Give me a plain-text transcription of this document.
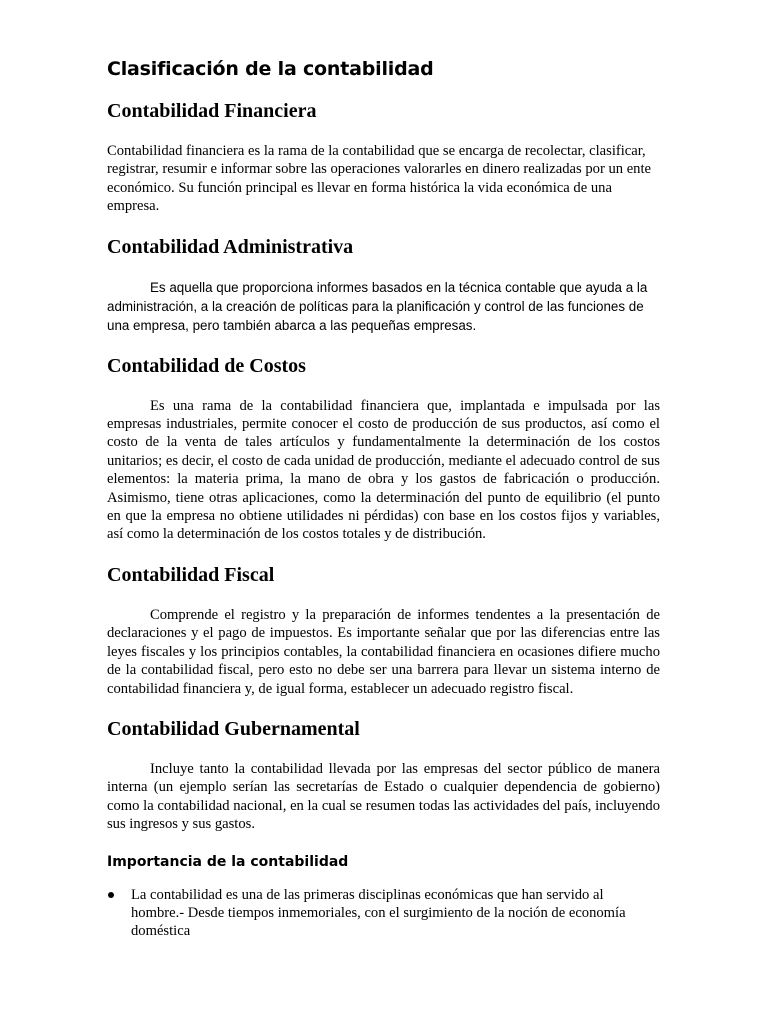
Clasificación de la contabilidad
Contabilidad Financiera

Contabilidad financiera es la rama de la contabilidad que se encarga de recolectar, clasificar, registrar, resumir e informar sobre las operaciones valorarles en dinero realizadas por un ente económico. Su función principal es llevar en forma histórica la vida económica de una empresa.

Contabilidad Administrativa

Es aquella que proporciona informes basados en la técnica contable que ayuda a la administración, a la creación de políticas para la planificación y control de las funciones de una empresa, pero también abarca a las pequeñas empresas.

Contabilidad de Costos

Es una rama de la contabilidad financiera que, implantada e impulsada por las empresas industriales, permite conocer el costo de producción de sus productos, así como el costo de la venta de tales artículos y fundamentalmente la determinación de los costos unitarios; es decir, el costo de cada unidad de producción, mediante el adecuado control de sus elementos: la materia prima, la mano de obra y los gastos de fabricación o producción. Asimismo, tiene otras aplicaciones, como la determinación del punto de equilibrio (el punto en que la empresa no obtiene utilidades ni pérdidas) con base en los costos fijos y variables, así como la determinación de los costos totales y de distribución.

Contabilidad Fiscal

Comprende el registro y la preparación de informes tendentes a la presentación de declaraciones y el pago de impuestos. Es importante señalar que por las diferencias entre las leyes fiscales y los principios contables, la contabilidad financiera en ocasiones difiere mucho de la contabilidad fiscal, pero esto no debe ser una barrera para llevar un sistema interno de contabilidad financiera y, de igual forma, establecer un adecuado registro fiscal.

Contabilidad Gubernamental

Incluye tanto la contabilidad llevada por las empresas del sector público de manera interna (un ejemplo serían las secretarías de Estado o cualquier dependencia de gobierno) como la contabilidad nacional, en la cual se resumen todas las actividades del país, incluyendo sus ingresos y sus gastos.

Importancia de la contabilidad
La contabilidad es una de las primeras disciplinas económicas que han servido al hombre.- Desde tiempos inmemoriales, con el surgimiento de la noción de economía doméstica
